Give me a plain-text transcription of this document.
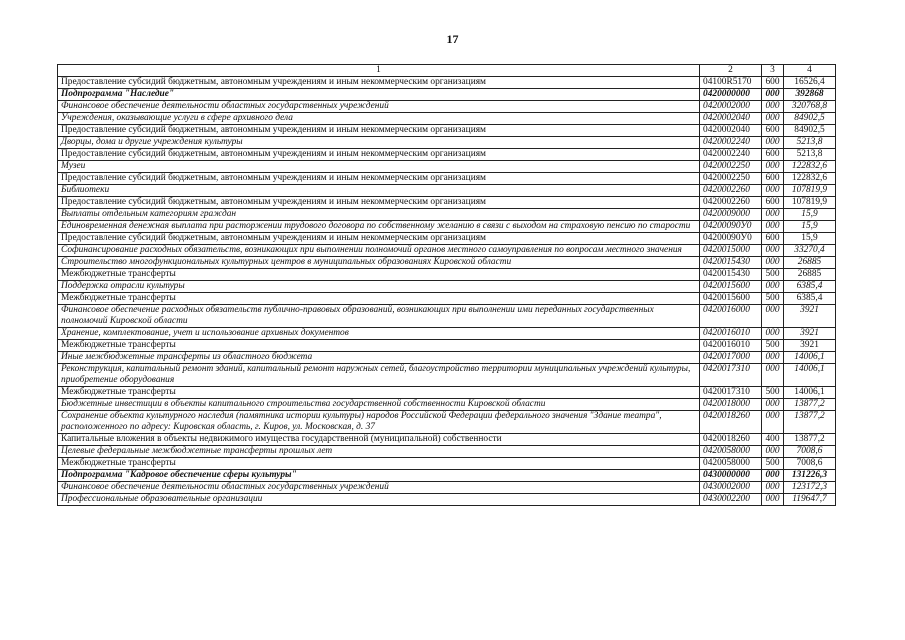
17
1	2	3	4
Предоставление субсидий бюджетным, автономным учреждениям и иным некоммерческим организациям	04100R5170	600	16526,4
Подпрограмма "Наследие"	0420000000	000	392868
Финансовое обеспечение деятельности областных государственных учреждений	0420002000	000	320768,8
Учреждения, оказывающие услуги в сфере архивного дела	0420002040	000	84902,5
Предоставление субсидий бюджетным, автономным учреждениям и иным некоммерческим организациям	0420002040	600	84902,5
Дворцы, дома и другие учреждения культуры	0420002240	000	5213,8
Предоставление субсидий бюджетным, автономным учреждениям и иным некоммерческим организациям	0420002240	600	5213,8
Музеи	0420002250	000	122832,6
Предоставление субсидий бюджетным, автономным учреждениям и иным некоммерческим организациям	0420002250	600	122832,6
Библиотеки	0420002260	000	107819,9
Предоставление субсидий бюджетным, автономным учреждениям и иным некоммерческим организациям	0420002260	600	107819,9
Выплаты отдельным категориям граждан	0420009000	000	15,9
Единовременная денежная выплата при расторжении трудового договора по собственному желанию в связи с выходом на страховую пенсию по старости	04200090У0	000	15,9
Предоставление субсидий бюджетным, автономным учреждениям и иным некоммерческим организациям	04200090У0	600	15,9
Софинансирование расходных обязательств, возникающих при выполнении полномочий органов местного самоуправления по вопросам местного значения	0420015000	000	33270,4
Строительство многофункциональных культурных центров в муниципальных образованиях Кировской области	0420015430	000	26885
Межбюджетные трансферты	0420015430	500	26885
Поддержка отрасли культуры	0420015600	000	6385,4
Межбюджетные трансферты	0420015600	500	6385,4
Финансовое обеспечение расходных обязательств публично-правовых образований, возникающих при выполнении ими переданных государственных полномочий Кировской области	0420016000	000	3921
Хранение, комплектование, учет и использование архивных документов	0420016010	000	3921
Межбюджетные трансферты	0420016010	500	3921
Иные межбюджетные трансферты из областного бюджета	0420017000	000	14006,1
Реконструкция, капитальный ремонт зданий, капитальный ремонт наружных сетей, благоустройство территории муниципальных учреждений культуры, приобретение оборудования	0420017310	000	14006,1
Межбюджетные трансферты	0420017310	500	14006,1
Бюджетные инвестиции в объекты капитального строительства государственной собственности Кировской области	0420018000	000	13877,2
Сохранение объекта культурного наследия (памятника истории культуры) народов Российской Федерации федерального значения "Здание театра", расположенного по адресу: Кировская область, г. Киров, ул. Московская, д. 37	0420018260	000	13877,2
Капитальные вложения в объекты недвижимого имущества государственной (муниципальной) собственности	0420018260	400	13877,2
Целевые федеральные межбюджетные трансферты прошлых лет	0420058000	000	7008,6
Межбюджетные трансферты	0420058000	500	7008,6
Подпрограмма "Кадровое обеспечение сферы культуры"	0430000000	000	131226,3
Финансовое обеспечение деятельности областных государственных учреждений	0430002000	000	123172,3
Профессиональные образовательные организации	0430002200	000	119647,7
